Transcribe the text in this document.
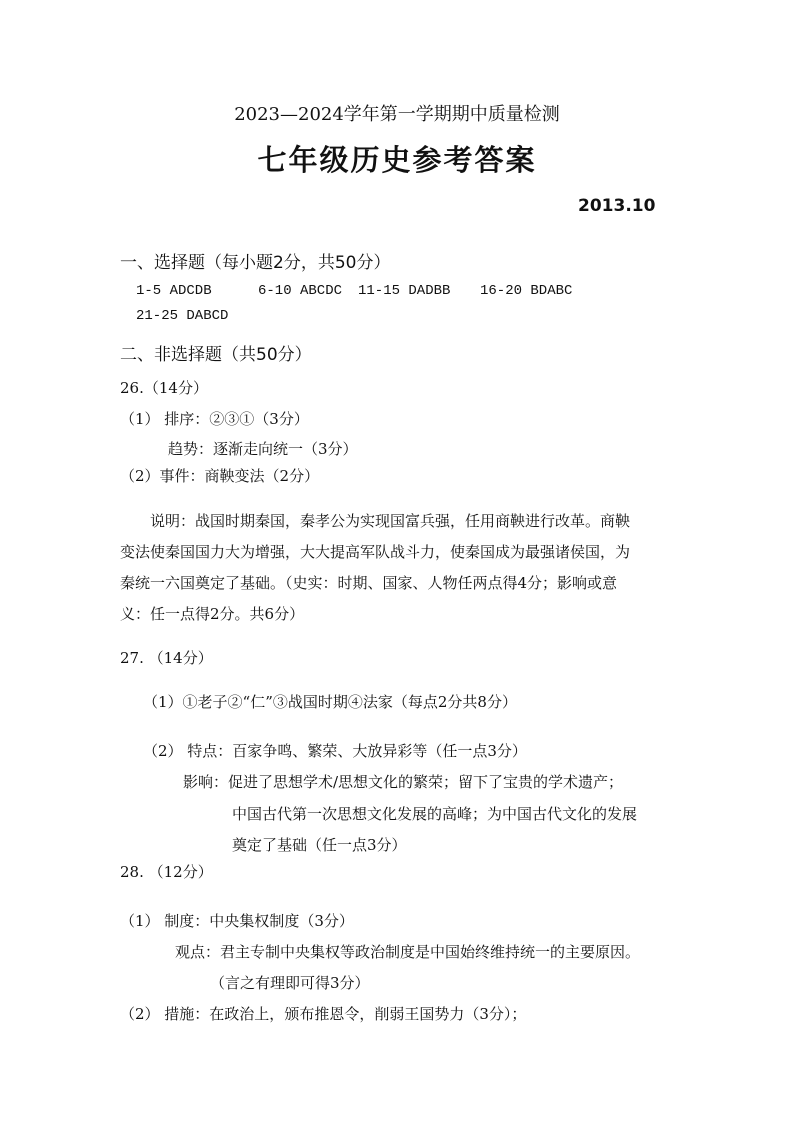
2023—2024学年第一学期期中质量检测
七年级历史参考答案
2013.10
一、选择题（每小题2分，共50分）
1-5 ADCDB	6-10 ABCDC 11-15 DADBB 16-20 BDABC
21-25 DABCD
二、非选择题（共50分）
26.（14分）
（1） 排序：②③①（3分）
趋势：逐渐走向统一（3分）
（2）事件：商鞅变法（2分）
说明：战国时期秦国，秦孝公为实现国富兵强，任用商鞅进行改革。商鞅
变法使秦国国力大为增强，大大提高军队战斗力，使秦国成为最强诸侯国，为
秦统一六国奠定了基础。（史实：时期、国家、人物任两点得4分；影响或意
义：任一点得2分。共6分）
27. （14分）
（1）①老子②“仁”③战国时期④法家（每点2分共8分）
（2） 特点：百家争鸣、繁荣、大放异彩等（任一点3分）
影响：促进了思想学术/思想文化的繁荣；留下了宝贵的学术遗产；
中国古代第一次思想文化发展的高峰；为中国古代文化的发展
奠定了基础（任一点3分）
28. （12分）
（1） 制度：中央集权制度（3分）
观点：君主专制中央集权等政治制度是中国始终维持统一的主要原因。
（言之有理即可得3分）
（2） 措施：在政治上，颁布推恩令，削弱王国势力（3分）；
